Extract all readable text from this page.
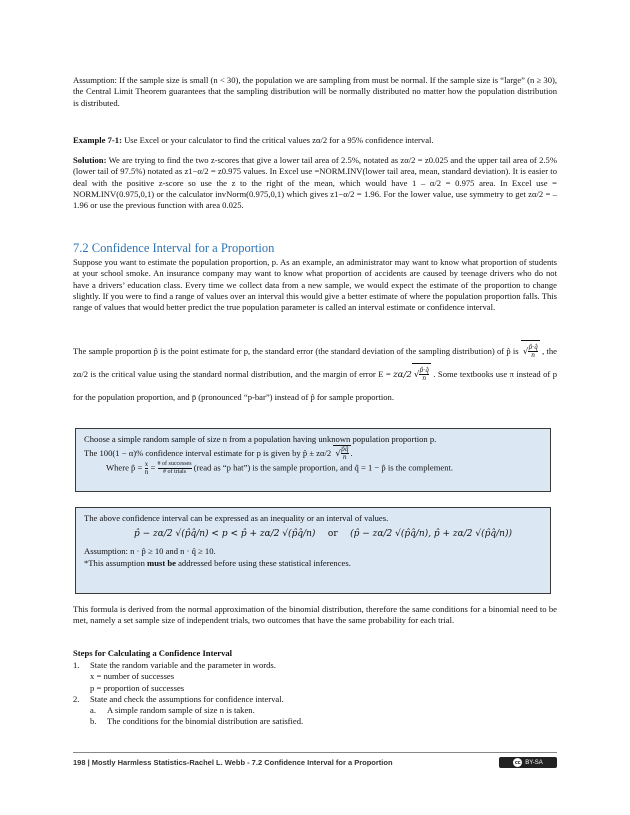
Assumption: If the sample size is small (n < 30), the population we are sampling from must be normal. If the sample size is “large” (n ≥ 30), the Central Limit Theorem guarantees that the sampling distribution will be normally distributed no matter how the population distribution is distributed.

Example 7-1: Use Excel or your calculator to find the critical values zα/2 for a 95% confidence interval.

Solution: We are trying to find the two z-scores that give a lower tail area of 2.5%, notated as zα/2 = z0.025 and the upper tail area of 2.5% (lower tail of 97.5%) notated as z1−α/2 = z0.975 values. In Excel use =NORM.INV(lower tail area, mean, standard deviation). It is easier to deal with the positive z-score so use the z to the right of the mean, which would have 1 – α/2 = 0.975 area. In Excel use = NORM.INV(0.975,0,1) or the calculator invNorm(0.975,0,1) which gives z1−α/2 = 1.96. For the lower value, use symmetry to get zα/2 = –1.96 or use the previous function with area 0.025.

7.2 Confidence Interval for a Proportion

Suppose you want to estimate the population proportion, p. As an example, an administrator may want to know what proportion of students at your school smoke. An insurance company may want to know what proportion of accidents are caused by teenage drivers who do not have a drivers’ education class. Every time we collect data from a new sample, we would expect the estimate of the proportion to change slightly. If you were to find a range of values over an interval this would give a better estimate of where the population proportion falls. This range of values that would better predict the true population parameter is called an interval estimate or confidence interval.

The sample proportion p̂ is the point estimate for p, the standard error (the standard deviation of the sampling distribution) of p̂ is √ $\frac{p̂\cdot q̂}{n}$ , the zα/2 is the critical value using the standard normal distribution, and the margin of error E = zα/2 √ $\frac{p̂\cdot q̂}{n}$ . Some textbooks use π instead of p for the population proportion, and p̄ (pronounced “p-bar”) instead of p̂ for sample proportion.

Choose a simple random sample of size n from a population having unknown population proportion p.

The 100(1 − α)% confidence interval estimate for p is given by p̂ ± zα/2 √ $\frac{p̂q̂}{n}$ .

Where p̂ = $\frac{x}{n} = \frac{\text{\# of successes}}{\text{\# of trials}}$ (read as “p hat”) is the sample proportion, and q̂ = 1 − p̂ is the complement.

The above confidence interval can be expressed as an inequality or an interval of values.

p̂ − zα/2 √(p̂q̂/n) < p < p̂ + zα/2 √(p̂q̂/n) or (p̂ − zα/2 √(p̂q̂/n), p̂ + zα/2 √(p̂q̂/n))

Assumption: n · p̂ ≥ 10 and n · q̂ ≥ 10.

*This assumption must be addressed before using these statistical inferences.

This formula is derived from the normal approximation of the binomial distribution, therefore the same conditions for a binomial need to be met, namely a set sample size of independent trials, two outcomes that have the same probability for each trial.

Steps for Calculating a Confidence Interval

1.	State the random variable and the parameter in words.
x = number of successes
p = proportion of successes
2.	State and check the assumptions for confidence interval.
a.	A simple random sample of size n is taken.
b.	The conditions for the binomial distribution are satisfied.
198 | Mostly Harmless Statistics-Rachel L. Webb - 7.2 Confidence Interval for a Proportion	cc BY-SA
